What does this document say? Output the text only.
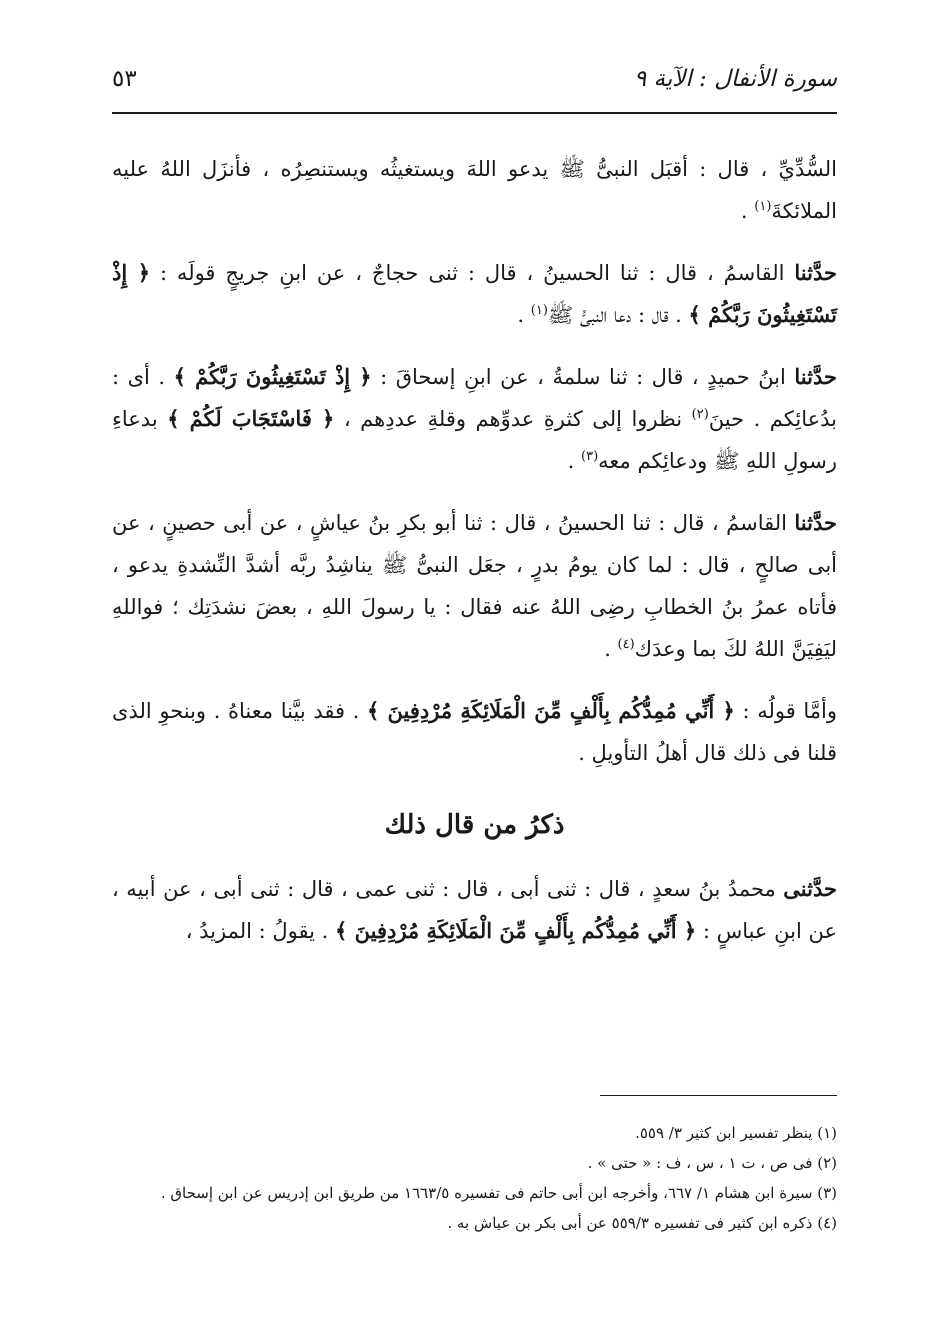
سورة الأنفال : الآية ٩
٥٣

السُّدِّيِّ ، قال : أقبَل النبىُّ ﷺ يدعو اللهَ ويستغيثُه ويستنصِرُه ، فأنزَل اللهُ عليه الملائكةَ$^{(١)}$ .

حدَّثنا القاسمُ ، قال : ثنا الحسينُ ، قال : ثنى حجاجٌ ، عن ابنِ جريجٍ قولَه : ﴿ إِذْ تَسْتَغِيثُونَ رَبَّكُمْ ﴾ . قال : دعا النبىُّ ﷺ$^{(١)}$ .

حدَّثنا ابنُ حميدٍ ، قال : ثنا سلمةُ ، عن ابنِ إسحاقَ : ﴿ إِذْ تَسْتَغِيثُونَ رَبَّكُمْ ﴾ . أى : بدُعائِكم . حينَ$^{(٢)}$ نظروا إلى كثرةِ عدوِّهم وقلةِ عددِهم ، ﴿ فَاسْتَجَابَ لَكُمْ ﴾ بدعاءِ رسولِ اللهِ ﷺ ودعائِكم معه$^{(٣)}$ .

حدَّثنا القاسمُ ، قال : ثنا الحسينُ ، قال : ثنا أبو بكرِ بنُ عياشٍ ، عن أبى حصينٍ ، عن أبى صالحٍ ، قال : لما كان يومُ بدرٍ ، جعَل النبىُّ ﷺ يناشِدُ ربَّه أشدَّ النِّشدةِ يدعو ، فأتاه عمرُ بنُ الخطابِ رضِى اللهُ عنه فقال : يا رسولَ اللهِ ، بعضَ نشدَتِك ؛ فواللهِ ليَفِيَنَّ اللهُ لكَ بما وعدَك$^{(٤)}$ .

وأمَّا قولُه : ﴿ أَنِّي مُمِدُّكُم بِأَلْفٍ مِّنَ الْمَلَائِكَةِ مُرْدِفِينَ ﴾ . فقد بيَّنا معناهُ . وبنحوِ الذى قلنا فى ذلك قال أهلُ التأويلِ .

ذكرُ من قال ذلك

حدَّثنى محمدُ بنُ سعدٍ ، قال : ثنى أبى ، قال : ثنى عمى ، قال : ثنى أبى ، عن أبيه ، عن ابنِ عباسٍ : ﴿ أَنِّي مُمِدُّكُم بِأَلْفٍ مِّنَ الْمَلَائِكَةِ مُرْدِفِينَ ﴾ . يقولُ : المزيدُ ،

(١) ينظر تفسير ابن كثير ٣/ ٥٥٩.

(٢) فى ص ، ت ١ ، س ، ف : « حتى » .

(٣) سيرة ابن هشام ١/ ٦٦٧، وأخرجه ابن أبى حاتم فى تفسيره ١٦٦٣/٥ من طريق ابن إدريس عن ابن إسحاق .

(٤) ذكره ابن كثير فى تفسيره ٥٥٩/٣ عن أبى بكر بن عياش به .
